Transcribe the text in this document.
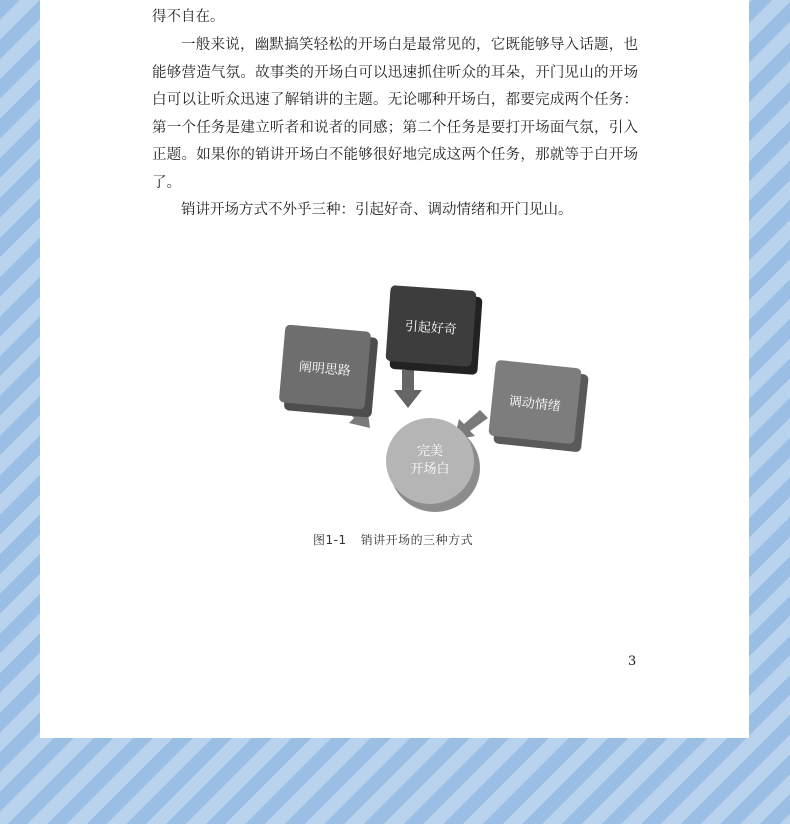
得不自在。

一般来说，幽默搞笑轻松的开场白是最常见的，它既能够导入话题，也能够营造气氛。故事类的开场白可以迅速抓住听众的耳朵，开门见山的开场白可以让听众迅速了解销讲的主题。无论哪种开场白，都要完成两个任务：第一个任务是建立听者和说者的同感；第二个任务是要打开场面气氛，引入正题。如果你的销讲开场白不能够很好地完成这两个任务，那就等于白开场了。

销讲开场方式不外乎三种：引起好奇、调动情绪和开门见山。

引起好奇
阐明思路
调动情绪
完美
开场白
图1-1 销讲开场的三种方式
3
